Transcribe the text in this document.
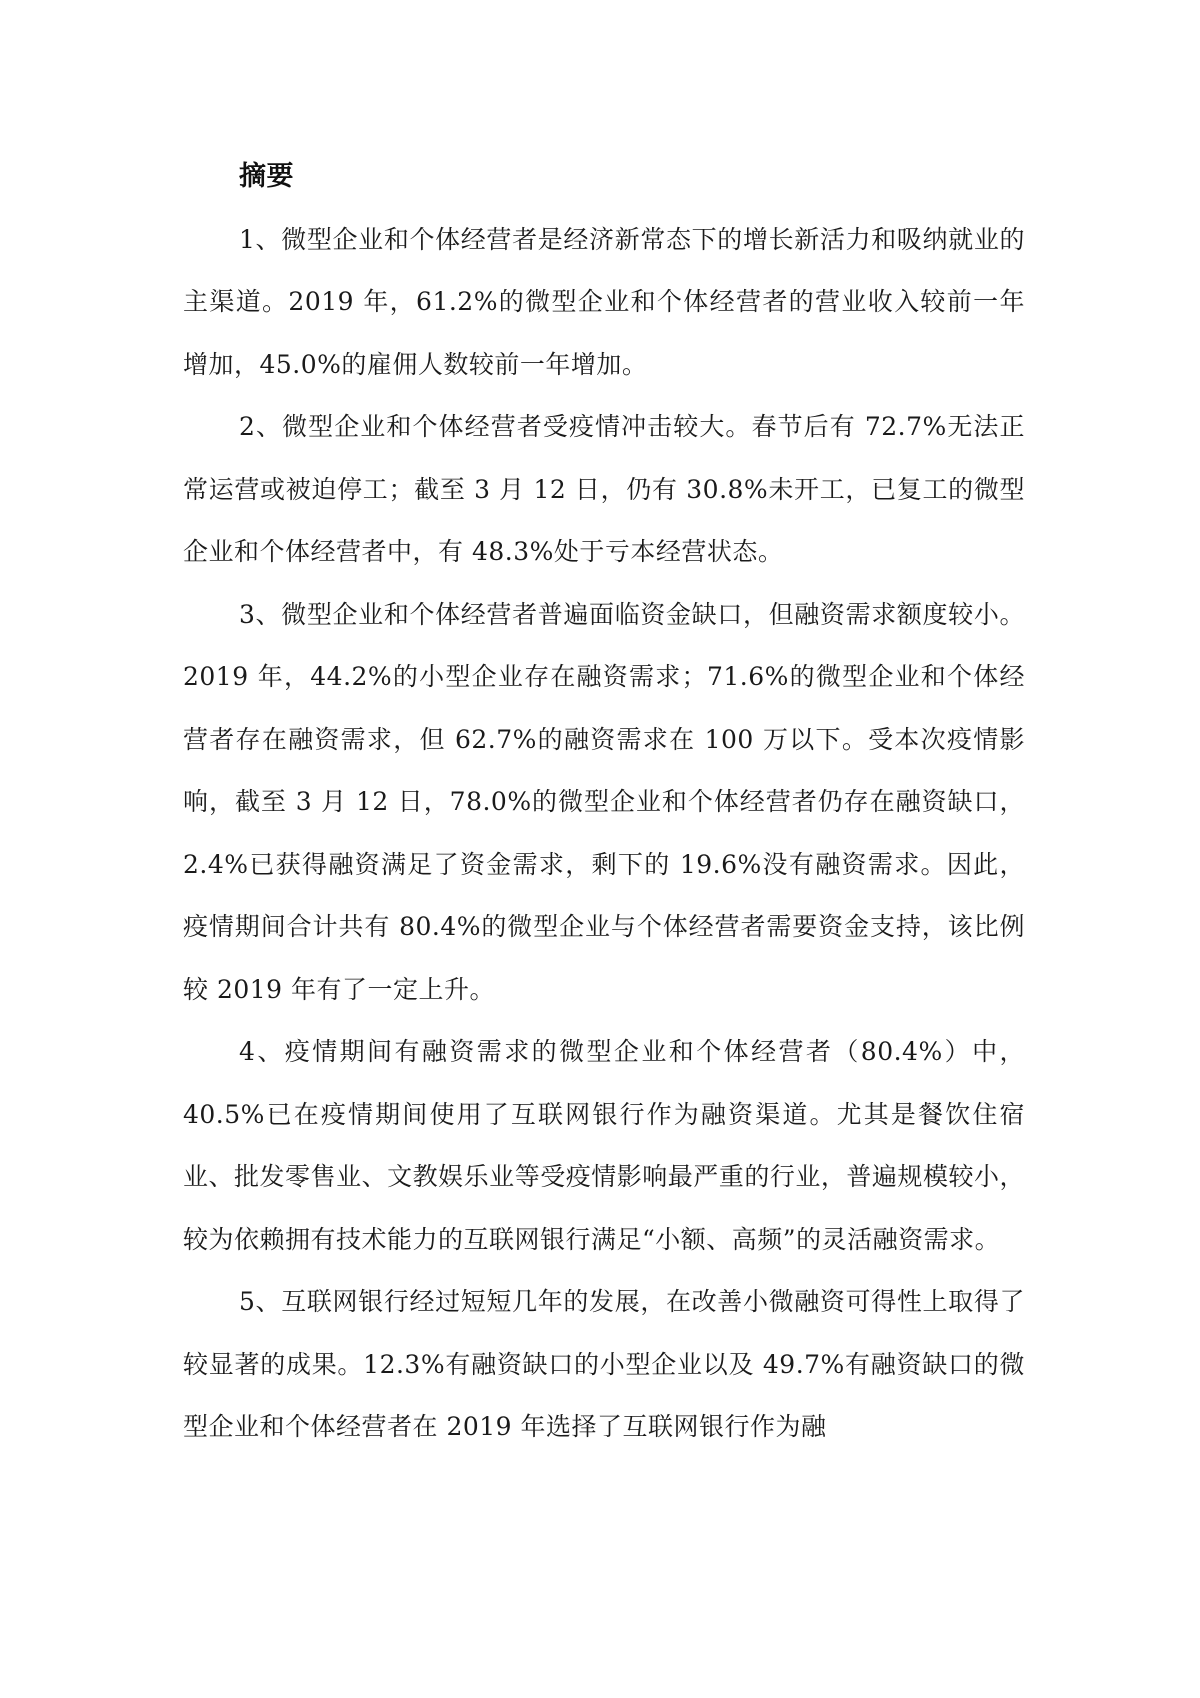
摘要

1、微型企业和个体经营者是经济新常态下的增长新活力和吸纳就业的主渠道。2019 年，61.2%的微型企业和个体经营者的营业收入较前一年增加，45.0%的雇佣人数较前一年增加。

2、微型企业和个体经营者受疫情冲击较大。春节后有 72.7%无法正常运营或被迫停工；截至 3 月 12 日，仍有 30.8%未开工，已复工的微型企业和个体经营者中，有 48.3%处于亏本经营状态。

3、微型企业和个体经营者普遍面临资金缺口，但融资需求额度较小。2019 年，44.2%的小型企业存在融资需求；71.6%的微型企业和个体经营者存在融资需求，但 62.7%的融资需求在 100 万以下。受本次疫情影响，截至 3 月 12 日，78.0%的微型企业和个体经营者仍存在融资缺口，2.4%已获得融资满足了资金需求，剩下的 19.6%没有融资需求。因此，疫情期间合计共有 80.4%的微型企业与个体经营者需要资金支持，该比例较 2019 年有了一定上升。

4、疫情期间有融资需求的微型企业和个体经营者（80.4%）中，40.5%已在疫情期间使用了互联网银行作为融资渠道。尤其是餐饮住宿业、批发零售业、文教娱乐业等受疫情影响最严重的行业，普遍规模较小，较为依赖拥有技术能力的互联网银行满足“小额、高频”的灵活融资需求。

5、互联网银行经过短短几年的发展，在改善小微融资可得性上取得了较显著的成果。12.3%有融资缺口的小型企业以及 49.7%有融资缺口的微型企业和个体经营者在 2019 年选择了互联网银行作为融
